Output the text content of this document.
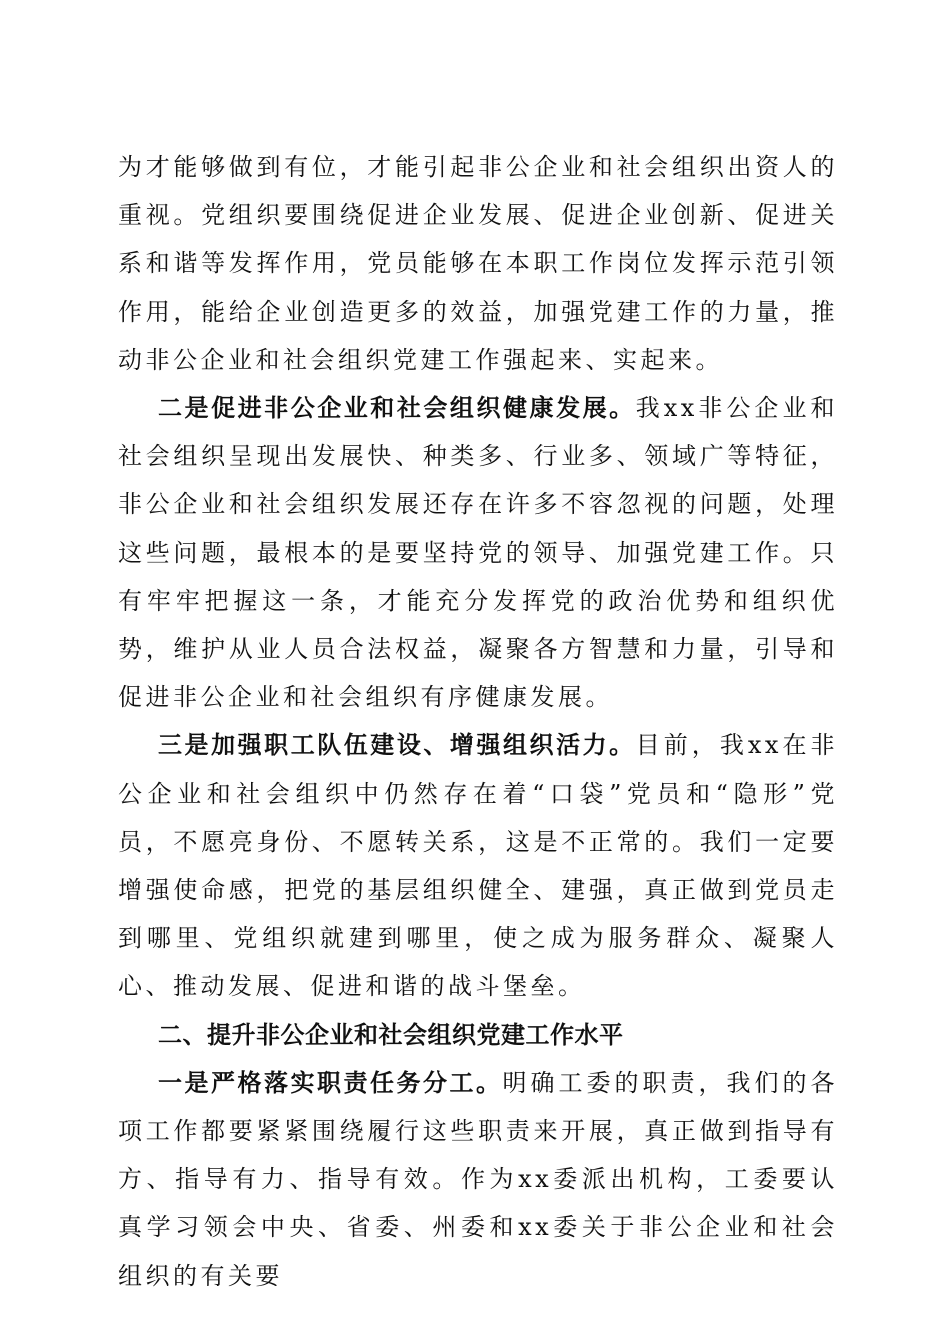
为才能够做到有位，才能引起非公企业和社会组织出资人的重视。党组织要围绕促进企业发展、促进企业创新、促进关系和谐等发挥作用，党员能够在本职工作岗位发挥示范引领作用，能给企业创造更多的效益，加强党建工作的力量，推动非公企业和社会组织党建工作强起来、实起来。

二是促进非公企业和社会组织健康发展。我xx非公企业和社会组织呈现出发展快、种类多、行业多、领域广等特征，非公企业和社会组织发展还存在许多不容忽视的问题，处理这些问题，最根本的是要坚持党的领导、加强党建工作。只有牢牢把握这一条，才能充分发挥党的政治优势和组织优势，维护从业人员合法权益，凝聚各方智慧和力量，引导和促进非公企业和社会组织有序健康发展。

三是加强职工队伍建设、增强组织活力。目前，我xx在非公企业和社会组织中仍然存在着“口袋”党员和“隐形”党员，不愿亮身份、不愿转关系，这是不正常的。我们一定要增强使命感，把党的基层组织健全、建强，真正做到党员走到哪里、党组织就建到哪里，使之成为服务群众、凝聚人心、推动发展、促进和谐的战斗堡垒。

二、提升非公企业和社会组织党建工作水平

一是严格落实职责任务分工。明确工委的职责，我们的各项工作都要紧紧围绕履行这些职责来开展，真正做到指导有方、指导有力、指导有效。作为xx委派出机构，工委要认真学习领会中央、省委、州委和xx委关于非公企业和社会组织的有关要
